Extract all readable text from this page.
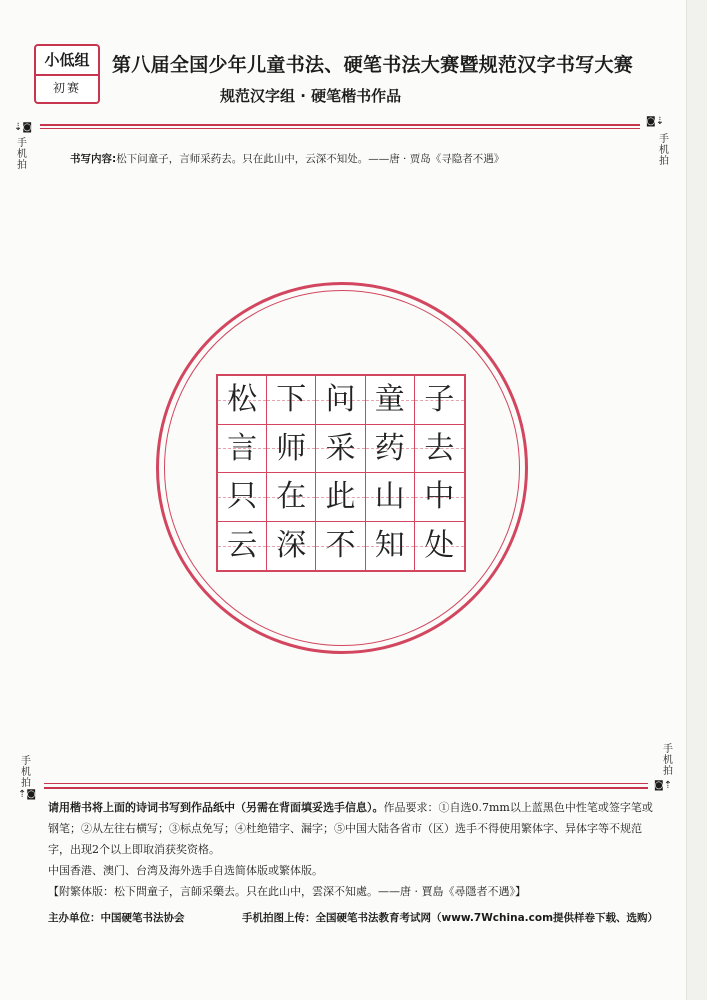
小低组
初赛
第八届全国少年儿童书法、硬笔书法大赛暨规范汉字书写大赛
规范汉字组 · 硬笔楷书作品
⇣◙
手机拍
◙⇣
手机拍
书写内容:松下问童子，言师采药去。只在此山中，云深不知处。——唐 · 贾岛《寻隐者不遇》
松 下 问 童 子
言 师 采 药 去
只 在 此 山 中
云 深 不 知 处
手机拍
⇡◙
手机拍
◙⇡

请用楷书将上面的诗词书写到作品纸中（另需在背面填妥选手信息）。作品要求：①自选0.7mm以上蓝黑色中性笔或签字笔或钢笔；②从左往右横写；③标点免写；④杜绝错字、漏字；⑤中国大陆各省市（区）选手不得使用繁体字、异体字等不规范字，出现2个以上即取消获奖资格。

中国香港、澳门、台湾及海外选手自选简体版或繁体版。

【附繁体版：松下問童子，言師采藥去。只在此山中，雲深不知處。——唐 · 賈島《尋隱者不遇》】

主办单位：中国硬笔书法协会	手机拍图上传：全国硬笔书法教育考试网（www.7Wchina.com提供样卷下载、选购）
